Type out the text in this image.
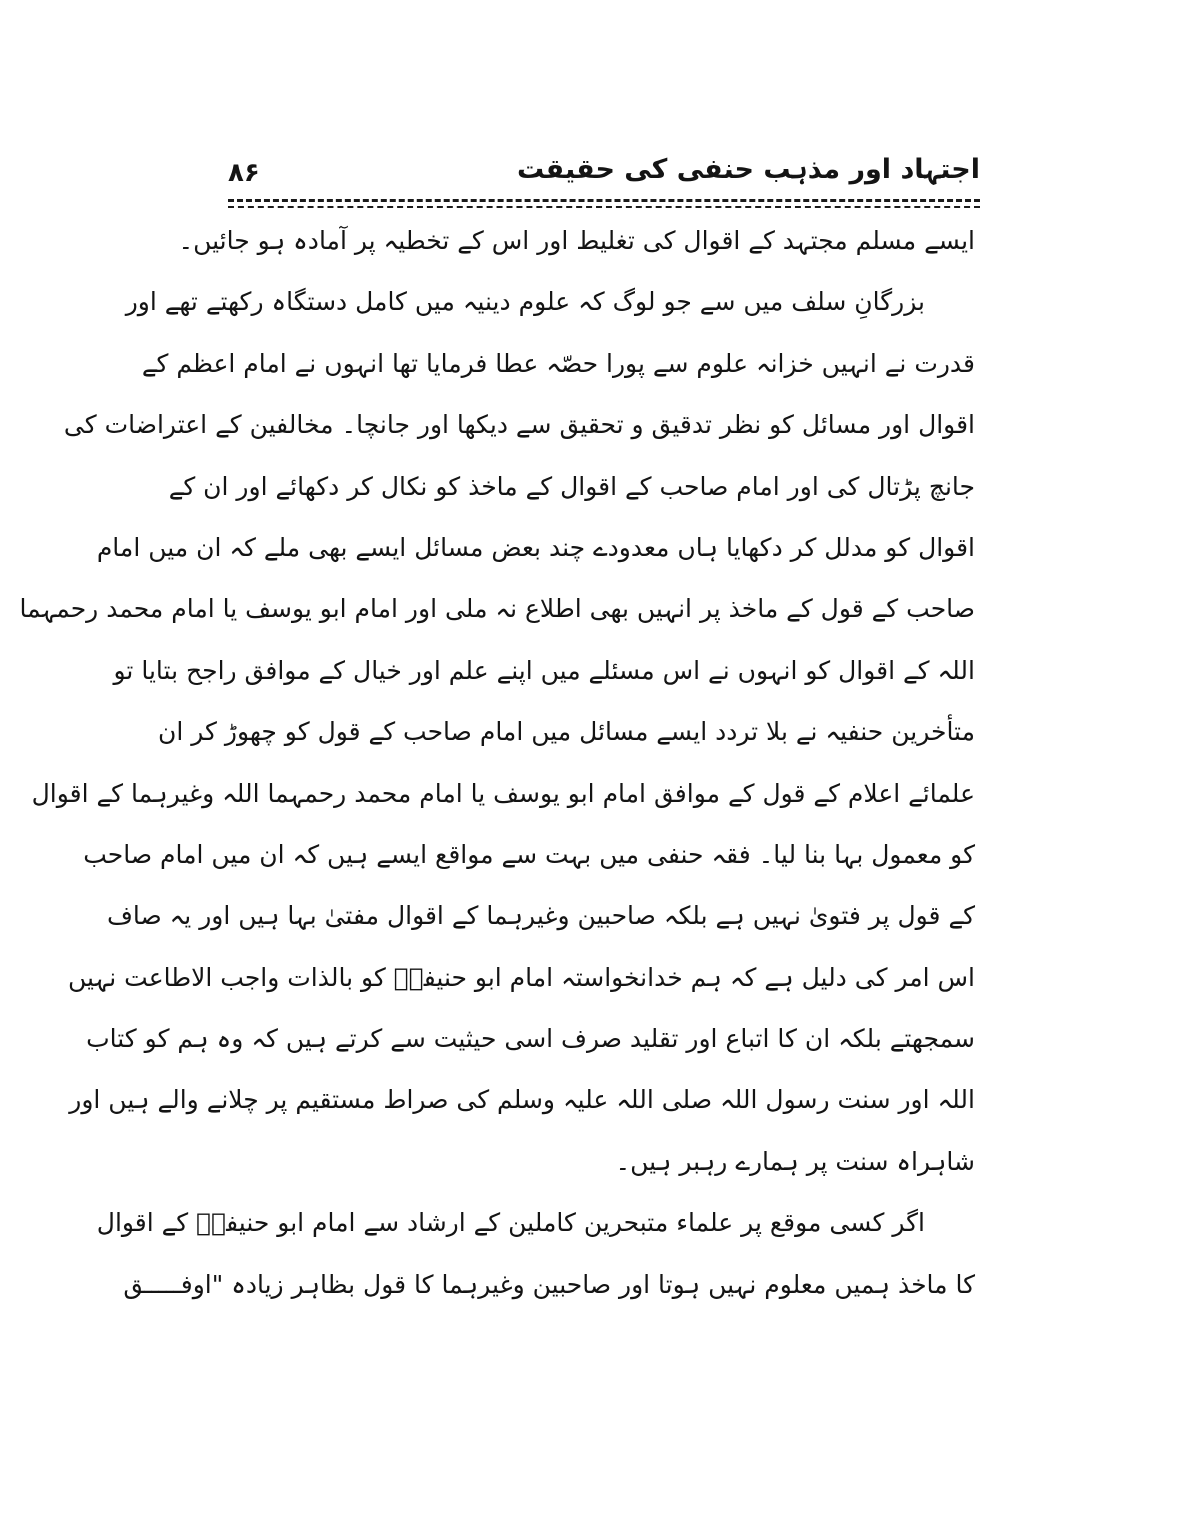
۸۶	اجتہاد اور مذہب حنفی کی حقیقت
ایسے مسلم مجتہد کے اقوال کی تغلیط اور اس کے تخطیہ پر آمادہ ہو جائیں۔
بزرگانِ سلف میں سے جو لوگ کہ علوم دینیہ میں کامل دستگاہ رکھتے تھے اور
قدرت نے انہیں خزانہ علوم سے پورا حصّہ عطا فرمایا تھا انہوں نے امام اعظم کے
اقوال اور مسائل کو نظر تدقیق و تحقیق سے دیکھا اور جانچا۔ مخالفین کے اعتراضات کی
جانچ پڑتال کی اور امام صاحب کے اقوال کے ماخذ کو نکال کر دکھائے اور ان کے
اقوال کو مدلل کر دکھایا ہاں معدودے چند بعض مسائل ایسے بھی ملے کہ ان میں امام
صاحب کے قول کے ماخذ پر انہیں بھی اطلاع نہ ملی اور امام ابو یوسف یا امام محمد رحمہما
اللہ کے اقوال کو انہوں نے اس مسئلے میں اپنے علم اور خیال کے موافق راجح بتایا تو
متأخرین حنفیہ نے بلا تردد ایسے مسائل میں امام صاحب کے قول کو چھوڑ کر ان
علمائے اعلام کے قول کے موافق امام ابو یوسف یا امام محمد رحمہما اللہ وغیرہما کے اقوال
کو معمول بہا بنا لیا۔ فقہ حنفی میں بہت سے مواقع ایسے ہیں کہ ان میں امام صاحب
کے قول پر فتویٰ نہیں ہے بلکہ صاحبین وغیرہما کے اقوال مفتیٰ بہا ہیں اور یہ صاف
اس امر کی دلیل ہے کہ ہم خدانخواستہ امام ابو حنیفہؒ کو بالذات واجب الاطاعت نہیں
سمجھتے بلکہ ان کا اتباع اور تقلید صرف اسی حیثیت سے کرتے ہیں کہ وہ ہم کو کتاب
اللہ اور سنت رسول اللہ صلی اللہ علیہ وسلم کی صراط مستقیم پر چلانے والے ہیں اور
شاہراہ سنت پر ہمارے رہبر ہیں۔
اگر کسی موقع پر علماء متبحرین کاملین کے ارشاد سے امام ابو حنیفہؒ کے اقوال
کا ماخذ ہمیں معلوم نہیں ہوتا اور صاحبین وغیرہما کا قول بظاہر زیادہ "اوفـــــق
